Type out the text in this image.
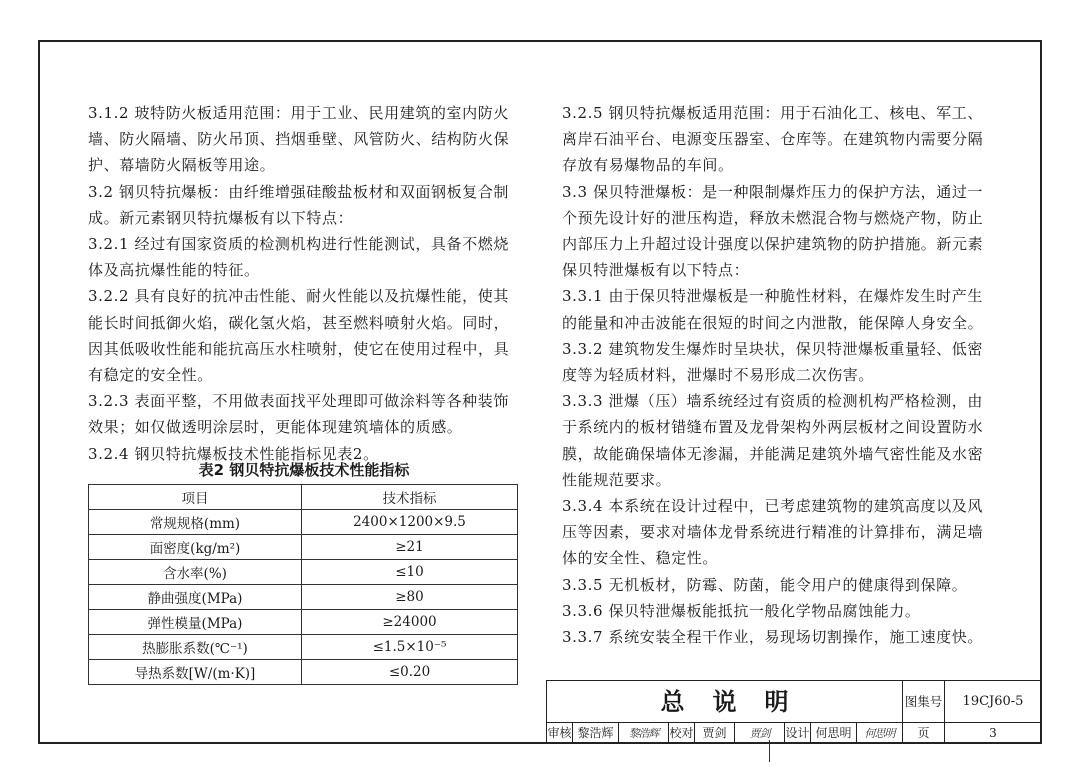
3.1.2 玻特防火板适用范围：用于工业、民用建筑的室内防火墙、防火隔墙、防火吊顶、挡烟垂壁、风管防火、结构防火保护、幕墙防火隔板等用途。

3.2 钢贝特抗爆板：由纤维增强硅酸盐板材和双面钢板复合制成。新元素钢贝特抗爆板有以下特点：

3.2.1 经过有国家资质的检测机构进行性能测试，具备不燃烧体及高抗爆性能的特征。

3.2.2 具有良好的抗冲击性能、耐火性能以及抗爆性能，使其能长时间抵御火焰，碳化氢火焰，甚至燃料喷射火焰。同时，因其低吸收性能和能抗高压水柱喷射，使它在使用过程中，具有稳定的安全性。

3.2.3 表面平整，不用做表面找平处理即可做涂料等各种装饰效果；如仅做透明涂层时，更能体现建筑墙体的质感。

3.2.4 钢贝特抗爆板技术性能指标见表2。

表2 钢贝特抗爆板技术性能指标
项目	技术指标
常规规格(mm)	2400×1200×9.5
面密度(kg/m²)	≥21
含水率(%)	≤10
静曲强度(MPa)	≥80
弹性模量(MPa)	≥24000
热膨胀系数(℃⁻¹)	≤1.5×10⁻⁵
导热系数[W/(m·K)]	≤0.20

3.2.5 钢贝特抗爆板适用范围：用于石油化工、核电、军工、离岸石油平台、电源变压器室、仓库等。在建筑物内需要分隔存放有易爆物品的车间。

3.3 保贝特泄爆板：是一种限制爆炸压力的保护方法，通过一个预先设计好的泄压构造，释放未燃混合物与燃烧产物，防止内部压力上升超过设计强度以保护建筑物的防护措施。新元素保贝特泄爆板有以下特点：

3.3.1 由于保贝特泄爆板是一种脆性材料，在爆炸发生时产生的能量和冲击波能在很短的时间之内泄散，能保障人身安全。

3.3.2 建筑物发生爆炸时呈块状，保贝特泄爆板重量轻、低密度等为轻质材料，泄爆时不易形成二次伤害。

3.3.3 泄爆（压）墙系统经过有资质的检测机构严格检测，由于系统内的板材错缝布置及龙骨架构外两层板材之间设置防水膜，故能确保墙体无渗漏，并能满足建筑外墙气密性能及水密性能规范要求。

3.3.4 本系统在设计过程中，已考虑建筑物的建筑高度以及风压等因素，要求对墙体龙骨系统进行精准的计算排布，满足墙体的安全性、稳定性。

3.3.5 无机板材，防霉、防菌，能令用户的健康得到保障。

3.3.6 保贝特泄爆板能抵抗一般化学物品腐蚀能力。

3.3.7 系统安装全程干作业，易现场切割操作，施工速度快。

总说明	图集号	19CJ60-5
审核 黎浩辉	黎浩辉 校对 贾剑	贾剑	设计 何思明	何思明	页	3
